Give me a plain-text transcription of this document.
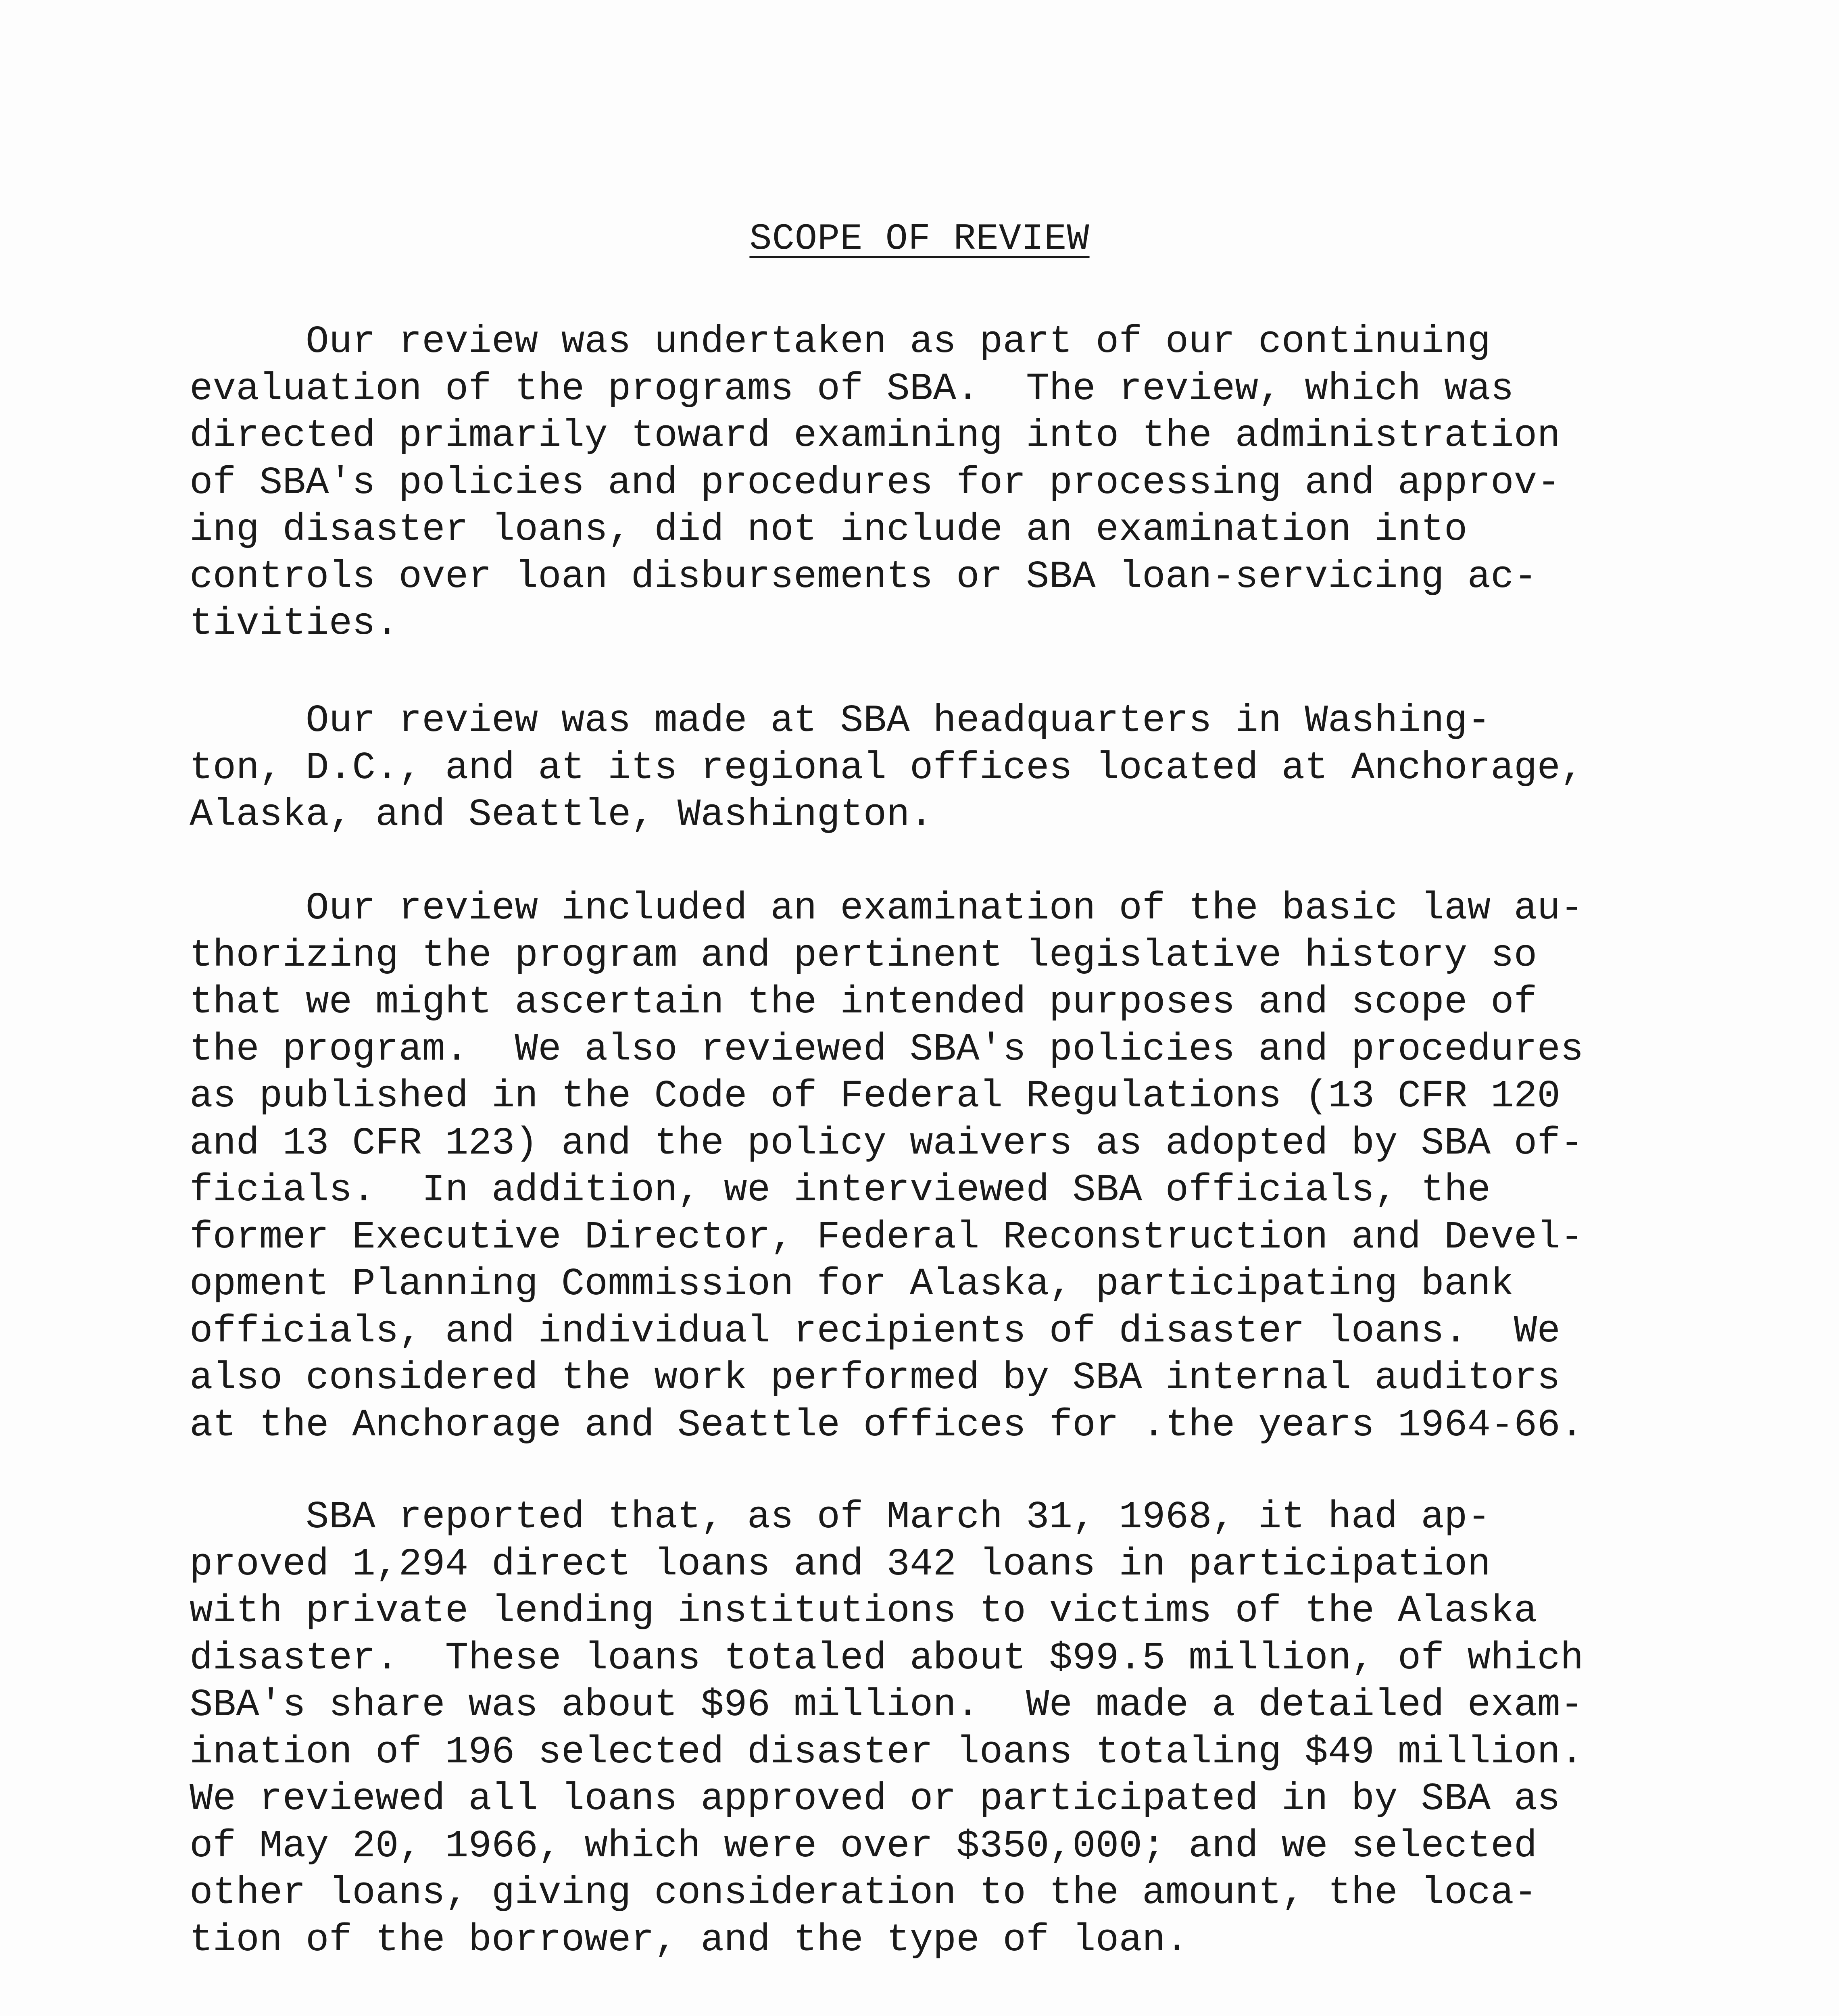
SCOPE OF REVIEW
Our review was undertaken as part of our continuing
evaluation of the programs of SBA.  The review, which was
directed primarily toward examining into the administration
of SBA's policies and procedures for processing and approv-
ing disaster loans, did not include an examination into
controls over loan disbursements or SBA loan-servicing ac-
tivities.
Our review was made at SBA headquarters in Washing-
ton, D.C., and at its regional offices located at Anchorage,
Alaska, and Seattle, Washington.
Our review included an examination of the basic law au-
thorizing the program and pertinent legislative history so
that we might ascertain the intended purposes and scope of
the program.  We also reviewed SBA's policies and procedures
as published in the Code of Federal Regulations (13 CFR 120
and 13 CFR 123) and the policy waivers as adopted by SBA of-
ficials.  In addition, we interviewed SBA officials, the
former Executive Director, Federal Reconstruction and Devel-
opment Planning Commission for Alaska, participating bank
officials, and individual recipients of disaster loans.  We
also considered the work performed by SBA internal auditors
at the Anchorage and Seattle offices for .the years 1964-66.
SBA reported that, as of March 31, 1968, it had ap-
proved 1,294 direct loans and 342 loans in participation
with private lending institutions to victims of the Alaska
disaster.  These loans totaled about $99.5 million, of which
SBA's share was about $96 million.  We made a detailed exam-
ination of 196 selected disaster loans totaling $49 million.
We reviewed all loans approved or participated in by SBA as
of May 20, 1966, which were over $350,000; and we selected
other loans, giving consideration to the amount, the loca-
tion of the borrower, and the type of loan.
